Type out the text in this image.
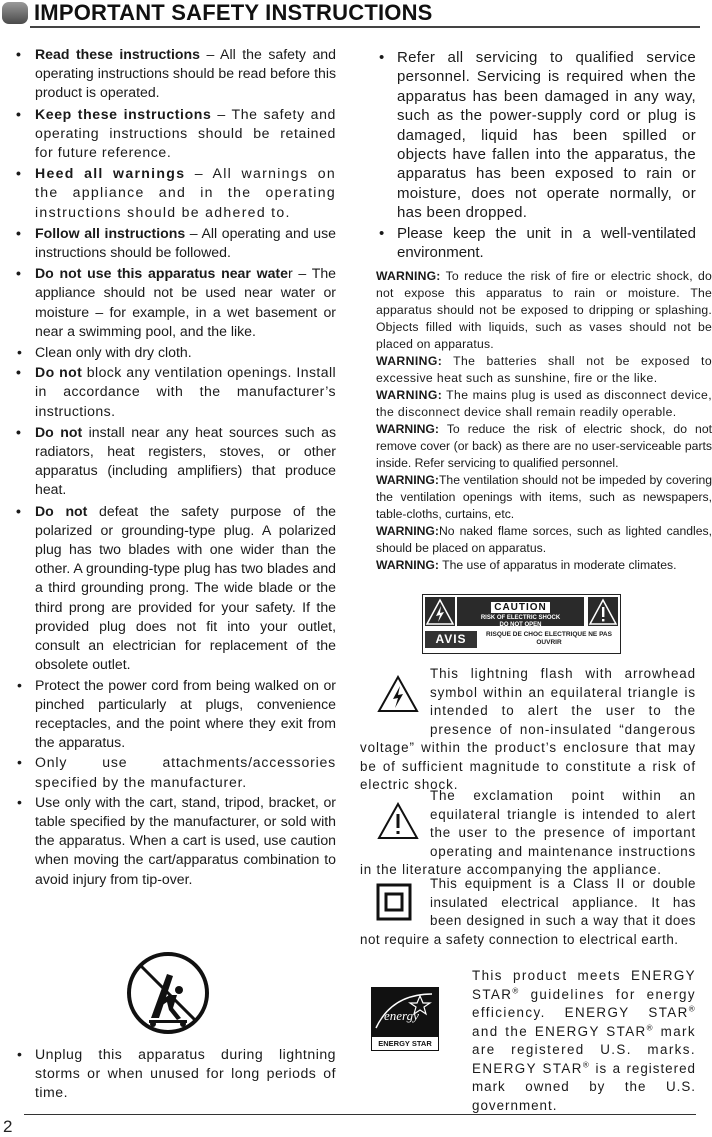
IMPORTANT SAFETY INSTRUCTIONS
• Read these instructions – All the safety and operating instructions should be read before this product is operated.
• Keep these instructions – The safety and operating instructions should be retained for future reference.
• Heed all warnings – All warnings on the appliance and in the operating instructions should be adhered to.
• Follow all instructions – All operating and use instructions should be followed.
• Do not use this apparatus near water – The appliance should not be used near water or moisture – for example, in a wet basement or near a swimming pool, and the like.
• Clean only with dry cloth.
• Do not block any ventilation openings. Install in accordance with the manufacturer’s instructions.
• Do not install near any heat sources such as radiators, heat registers, stoves, or other apparatus (including amplifiers) that produce heat.
• Do not defeat the safety purpose of the polarized or grounding-type plug. A polarized plug has two blades with one wider than the other. A grounding-type plug has two blades and a third grounding prong. The wide blade or the third prong are provided for your safety. If the provided plug does not fit into your outlet, consult an electrician for replacement of the obsolete outlet.
• Protect the power cord from being walked on or pinched particularly at plugs, convenience receptacles, and the point where they exit from the apparatus.
• Only use attachments/accessories specified by the manufacturer.
• Use only with the cart, stand, tripod, bracket, or table specified by the manufacturer, or sold with the apparatus. When a cart is used, use caution when moving the cart/apparatus combination to avoid injury from tip-over.
• Unplug this apparatus during lightning storms or when unused for long periods of time.
• Refer all servicing to qualified service personnel. Servicing is required when the apparatus has been damaged in any way, such as the power-supply cord or plug is damaged, liquid has been spilled or objects have fallen into the apparatus, the apparatus has been exposed to rain or moisture, does not operate normally, or has been dropped.
• Please keep the unit in a well-ventilated environment.

WARNING: To reduce the risk of fire or electric shock, do not expose this apparatus to rain or moisture. The apparatus should not be exposed to dripping or splashing. Objects filled with liquids, such as vases should not be placed on apparatus.

WARNING: The batteries shall not be exposed to excessive heat such as sunshine, fire or the like.

WARNING: The mains plug is used as disconnect device, the disconnect device shall remain readily operable.

WARNING: To reduce the risk of electric shock, do not remove cover (or back) as there are no user-serviceable parts inside. Refer servicing to qualified personnel.

WARNING:The ventilation should not be impeded by covering the ventilation openings with items, such as newspapers, table-cloths, curtains, etc.

WARNING:No naked flame sorces, such as lighted candles, should be placed on apparatus.

WARNING: The use of apparatus in moderate climates.

CAUTION
RISK OF ELECTRIC SHOCK
DO NOT OPEN
AVIS	RISQUE DE CHOC ELECTRIQUE NE PAS OUVRIR
This lightning flash with arrowhead symbol within an equilateral triangle is intended to alert the user to the presence of non-insulated “dangerous voltage” within the product’s enclosure that may be of sufficient magnitude to constitute a risk of electric shock.
The exclamation point within an equilateral triangle is intended to alert the user to the presence of important operating and maintenance instructions in the literature accompanying the appliance.
This equipment is a Class II or double insulated electrical appliance. It has been designed in such a way that it does not require a safety connection to electrical earth.
energy
ENERGY STAR
This product meets ENERGY STAR® guidelines for energy efficiency. ENERGY STAR® and the ENERGY STAR® mark are registered U.S. marks. ENERGY STAR® is a registered mark owned by the U.S. government.
2
